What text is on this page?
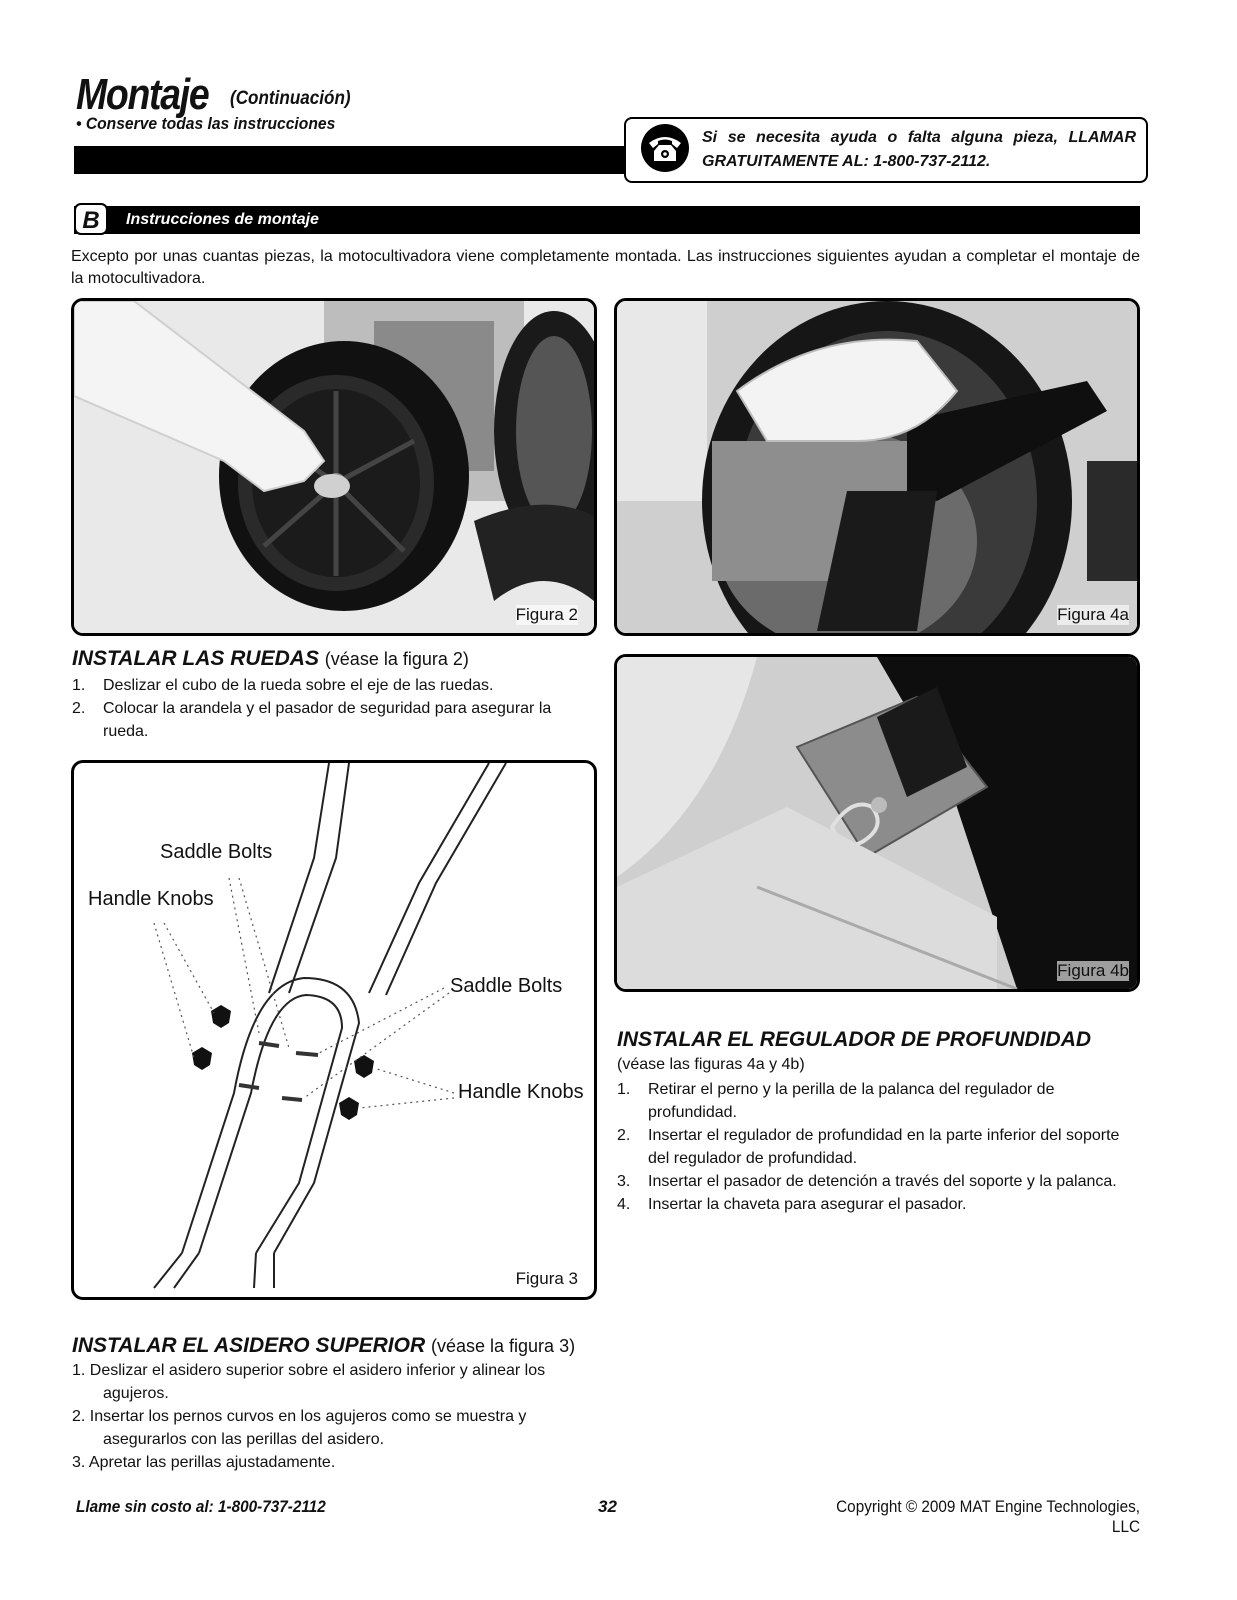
Montaje (Continuación)
• Conserve todas las instrucciones
Si se necesita ayuda o falta alguna pieza, LLAMAR GRATUITAMENTE AL: 1-800-737-2112.
B	Instrucciones de montaje
Excepto por unas cuantas piezas, la motocultivadora viene completamente montada. Las instrucciones siguientes ayudan a completar el montaje de la motocultivadora.
Figura 2	Figura 4a
Figura 4b
INSTALAR LAS RUEDAS (véase la figura 2)
1. Deslizar el cubo de la rueda sobre el eje de las ruedas.
2. Colocar la arandela y el pasador de seguridad para asegurar la rueda.
Saddle Bolts
Handle Knobs
Saddle Bolts
Handle Knobs
Figura 3
INSTALAR EL REGULADOR DE PROFUNDIDAD
(véase las figuras 4a y 4b)
1. Retirar el perno y la perilla de la palanca del regulador de profundidad.
2. Insertar el regulador de profundidad en la parte inferior del soporte del regulador de profundidad.
3. Insertar el pasador de detención a través del soporte y la palanca.
4. Insertar la chaveta para asegurar el pasador.
INSTALAR EL ASIDERO SUPERIOR (véase la figura 3)
1. Deslizar el asidero superior sobre el asidero inferior y alinear los agujeros.
2. Insertar los pernos curvos en los agujeros como se muestra y asegurarlos con las perillas del asidero.
3. Apretar las perillas ajustadamente.
Llame sin costo al: 1-800-737-2112	32	Copyright © 2009 MAT Engine Technologies, LLC
